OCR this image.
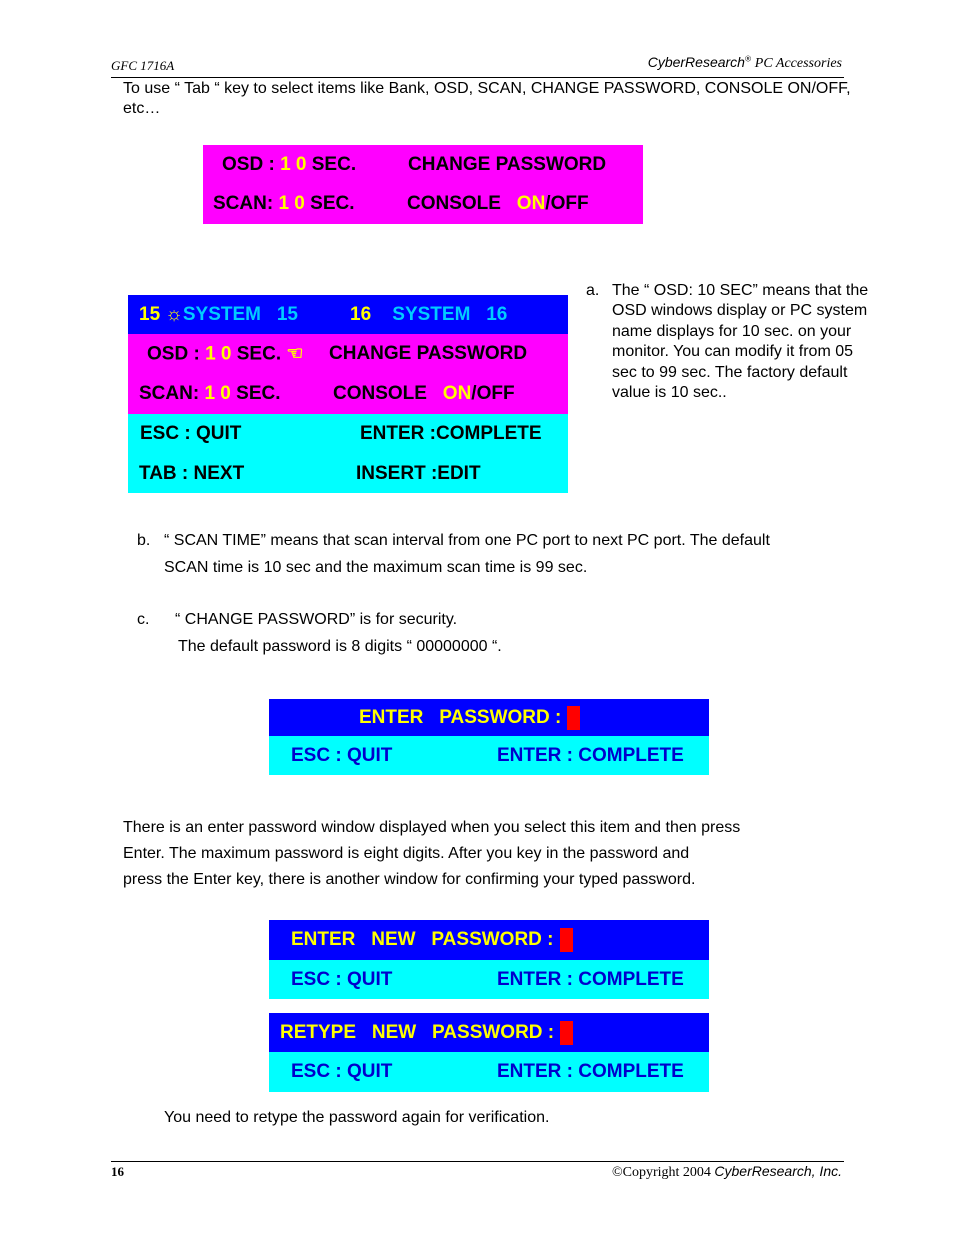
GFC 1716A	CyberResearch® PC Accessories
To use “ Tab “ key to select items like Bank, OSD, SCAN, CHANGE PASSWORD, CONSOLE ON/OFF, etc…
OSD : 1 0 SEC.	CHANGE PASSWORD
SCAN: 1 0 SEC.	CONSOLE ON/OFF
15 ☼SYSTEM 15	16 SYSTEM 16
OSD : 1 0 SEC. ☜ CHANGE PASSWORD
SCAN: 1 0 SEC.	CONSOLE ON/OFF
ESC : QUIT	ENTER :COMPLETE
TAB : NEXT	INSERT :EDIT
a. The “ OSD: 10 SEC” means that the OSD windows display or PC system name displays for 10 sec. on your monitor. You can modify it from 05 sec to 99 sec. The factory default value is 10 sec..
b. “ SCAN TIME” means that scan interval from one PC port to next PC port. The default
SCAN time is 10 sec and the maximum scan time is 99 sec.
c. “ CHANGE PASSWORD” is for security.
The default password is 8 digits “ 00000000 “.
ENTER PASSWORD :
ESC : QUIT	ENTER : COMPLETE
There is an enter password window displayed when you select this item and then press
Enter. The maximum password is eight digits. After you key in the password and
press the Enter key, there is another window for confirming your typed password.
ENTER NEW PASSWORD :
ESC : QUIT	ENTER : COMPLETE
RETYPE NEW PASSWORD :
ESC : QUIT	ENTER : COMPLETE
You need to retype the password again for verification.
16	©Copyright 2004 CyberResearch, Inc.
